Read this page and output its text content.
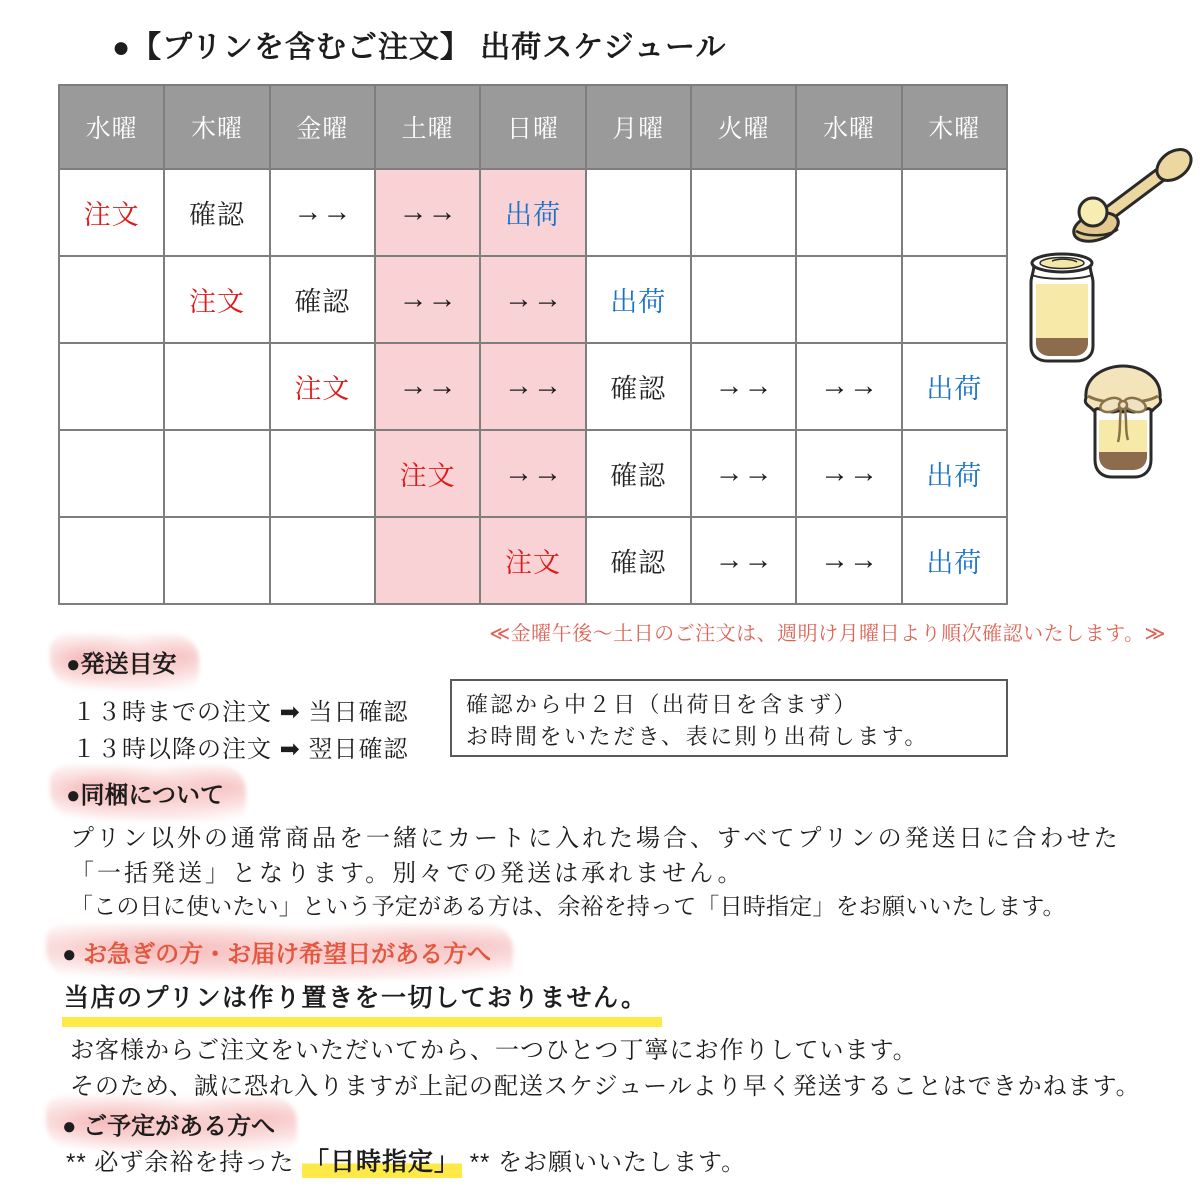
●【プリンを含むご注文】 出荷スケジュール
水曜	木曜	金曜	土曜	日曜	月曜	火曜	水曜	木曜
注文	確認	→→	→→	出荷				
	注文	確認	→→	→→	出荷			
		注文	→→	→→	確認	→→	→→	出荷
			注文	→→	確認	→→	→→	出荷
				注文	確認	→→	→→	出荷
≪金曜午後〜土日のご注文は、週明け月曜日より順次確認いたします。≫
●発送目安
１３時までの注文 ➡ 当日確認
１３時以降の注文 ➡ 翌日確認
確認から中２日（出荷日を含まず）
お時間をいただき、表に則り出荷します。
●同梱について
プリン以外の通常商品を一緒にカートに入れた場合、すべてプリンの発送日に合わせた
「一括発送」となります。別々での発送は承れません。
「この日に使いたい」という予定がある方は、余裕を持って「日時指定」をお願いいたします。
● お急ぎの方・お届け希望日がある方へ
当店のプリンは作り置きを一切しておりません。
お客様からご注文をいただいてから、一つひとつ丁寧にお作りしています。
そのため、誠に恐れ入りますが上記の配送スケジュールより早く発送することはできかねます。
● ご予定がある方へ
** 必ず余裕を持った 「日時指定」 ** をお願いいたします。
